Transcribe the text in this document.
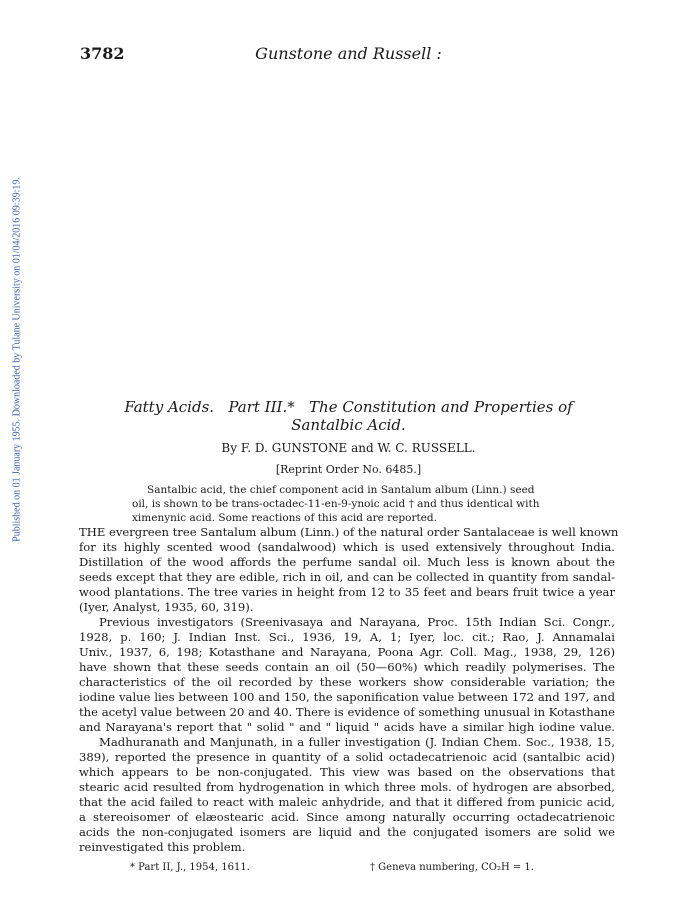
3782	Gunstone and Russell :
Published on 01 January 1955. Downloaded by Tulane University on 01/04/2016 09:39:19.	Fatty Acids.   Part III.*   The Constitution and Properties of
Santalbic Acid.
By F. D. GUNSTONE and W. C. RUSSELL.
[Reprint Order No. 6485.]
Santalbic acid, the chief component acid in Santalum album (Linn.) seed
oil, is shown to be trans-octadec-11-en-9-ynoic acid † and thus identical with
ximenynic acid. Some reactions of this acid are reported.
THE evergreen tree Santalum album (Linn.) of the natural order Santalaceae is well known
for its highly scented wood (sandalwood) which is used extensively throughout India.
Distillation of the wood affords the perfume sandal oil. Much less is known about the
seeds except that they are edible, rich in oil, and can be collected in quantity from sandal-
wood plantations. The tree varies in height from 12 to 35 feet and bears fruit twice a year
(Iyer, Analyst, 1935, 60, 319).
Previous investigators (Sreenivasaya and Narayana, Proc. 15th Indian Sci. Congr.,
1928, p. 160; J. Indian Inst. Sci., 1936, 19, A, 1; Iyer, loc. cit.; Rao, J. Annamalai
Univ., 1937, 6, 198; Kotasthane and Narayana, Poona Agr. Coll. Mag., 1938, 29, 126)
have shown that these seeds contain an oil (50—60%) which readily polymerises. The
characteristics of the oil recorded by these workers show considerable variation; the
iodine value lies between 100 and 150, the saponification value between 172 and 197, and
the acetyl value between 20 and 40. There is evidence of something unusual in Kotasthane
and Narayana's report that " solid " and " liquid " acids have a similar high iodine value.
Madhuranath and Manjunath, in a fuller investigation (J. Indian Chem. Soc., 1938, 15,
389), reported the presence in quantity of a solid octadecatrienoic acid (santalbic acid)
which appears to be non-conjugated. This view was based on the observations that
stearic acid resulted from hydrogenation in which three mols. of hydrogen are absorbed,
that the acid failed to react with maleic anhydride, and that it differed from punicic acid,
a stereoisomer of elæostearic acid. Since among naturally occurring octadecatrienoic
acids the non-conjugated isomers are liquid and the conjugated isomers are solid we
reinvestigated this problem.
* Part II, J., 1954, 1611.	† Geneva numbering, CO₂H = 1.
